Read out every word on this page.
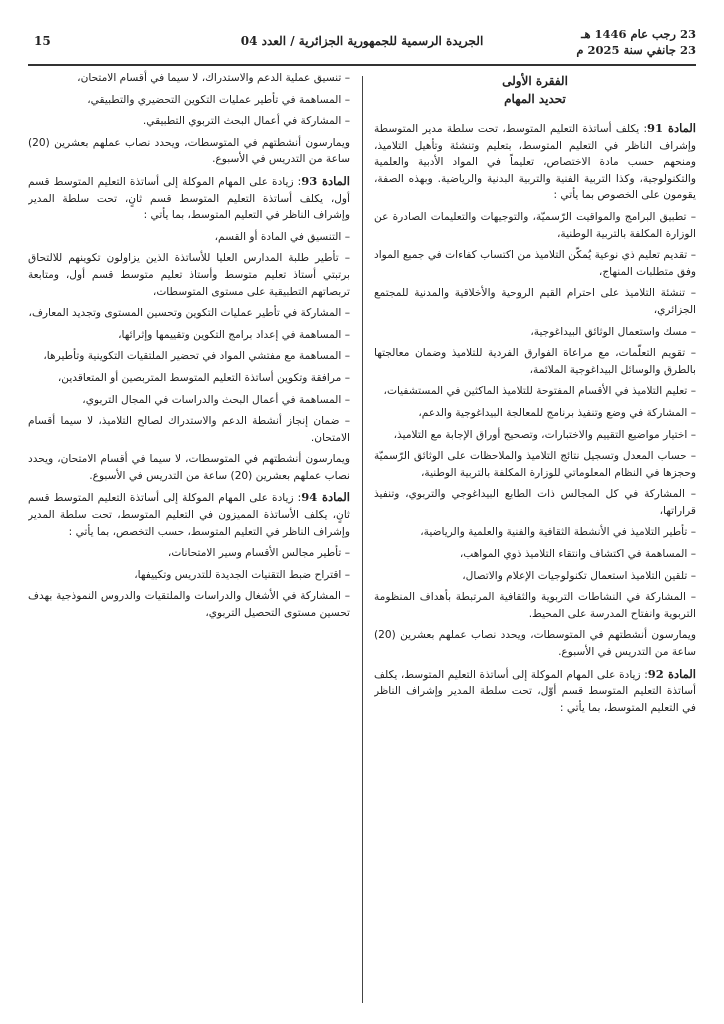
23 رجب عام 1446 هـ
23 جانفي سنة 2025 م
الجريدة الرسمية للجمهورية الجزائرية / العدد 04
15

الفقرة الأولى

تحديد المهام

المادة 91: يكلف أساتذة التعليم المتوسط، تحت سلطة مدير المتوسطة وإشراف الناظر في التعليم المتوسط، بتعليم وتنشئة وتأهيل التلاميذ، ومنحهم حسب مادة الاختصاص، تعليماً في المواد الأدبية والعلمية والتكنولوجية، وكذا التربية الفنية والتربية البدنية والرياضية. وبهذه الصفة، يقومون على الخصوص بما يأتي :

– تطبيق البرامج والمواقيت الرّسميّة، والتوجيهات والتعليمات الصادرة عن الوزارة المكلفة بالتربية الوطنية،

– تقديم تعليم ذي نوعية يُمكّن التلاميذ من اكتساب كفاءات في جميع المواد وفق متطلبات المنهاج،

– تنشئة التلاميذ على احترام القيم الروحية والأخلاقية والمدنية للمجتمع الجزائري،

– مسك واستعمال الوثائق البيداغوجية،

– تقويم التعلّمات، مع مراعاة الفوارق الفردية للتلاميذ وضمان معالجتها بالطرق والوسائل البيداغوجية الملائمة،

– تعليم التلاميذ في الأقسام المفتوحة للتلاميذ الماكثين في المستشفيات،

– المشاركة في وضع وتنفيذ برنامج للمعالجة البيداغوجية والدعم،

– اختيار مواضيع التقييم والاختبارات، وتصحيح أوراق الإجابة مع التلاميذ،

– حساب المعدل وتسجيل نتائج التلاميذ والملاحظات على الوثائق الرّسميّة وحجزها في النظام المعلوماتي للوزارة المكلفة بالتربية الوطنية،

– المشاركة في كل المجالس ذات الطابع البيداغوجي والتربوي، وتنفيذ قراراتها،

– تأطير التلاميذ في الأنشطة الثقافية والفنية والعلمية والرياضية،

– المساهمة في اكتشاف وانتقاء التلاميذ ذوي المواهب،

– تلقين التلاميذ استعمال تكنولوجيات الإعلام والاتصال،

– المشاركة في النشاطات التربوية والثقافية المرتبطة بأهداف المنظومة التربوية وانفتاح المدرسة على المحيط.

ويمارسون أنشطتهم في المتوسطات، ويحدد نصاب عملهم بعشرين (20) ساعة من التدريس في الأسبوع.

المادة 92: زيادة على المهام الموكلة إلى أساتذة التعليم المتوسط، يكلف أساتذة التعليم المتوسط قسم أوّل، تحت سلطة المدير وإشراف الناظر في التعليم المتوسط، بما يأتي :

– تنسيق عملية الدعم والاستدراك، لا سيما في أقسام الامتحان،

– المساهمة في تأطير عمليات التكوين التحضيري والتطبيقي،

– المشاركة في أعمال البحث التربوي التطبيقي.

ويمارسون أنشطتهم في المتوسطات، ويحدد نصاب عملهم بعشرين (20) ساعة من التدريس في الأسبوع.

المادة 93: زيادة على المهام الموكلة إلى أساتذة التعليم المتوسط قسم أول، يكلف أساتذة التعليم المتوسط قسم ثانٍ، تحت سلطة المدير وإشراف الناظر في التعليم المتوسط، بما يأتي :

– التنسيق في المادة أو القسم،

– تأطير طلبة المدارس العليا للأساتذة الذين يزاولون تكوينهم للالتحاق برتبتي أستاذ تعليم متوسط وأستاذ تعليم متوسط قسم أول، ومتابعة تربصاتهم التطبيقية على مستوى المتوسطات،

– المشاركة في تأطير عمليات التكوين وتحسين المستوى وتجديد المعارف،

– المساهمة في إعداد برامج التكوين وتقييمها وإثرائها،

– المساهمة مع مفتشي المواد في تحضير الملتقيات التكوينية وتأطيرها،

– مرافقة وتكوين أساتذة التعليم المتوسط المتربصين أو المتعاقدين،

– المساهمة في أعمال البحث والدراسات في المجال التربوي،

– ضمان إنجاز أنشطة الدعم والاستدراك لصالح التلاميذ، لا سيما أقسام الامتحان.

ويمارسون أنشطتهم في المتوسطات، لا سيما في أقسام الامتحان، ويحدد نصاب عملهم بعشرين (20) ساعة من التدريس في الأسبوع.

المادة 94: زيادة على المهام الموكلة إلى أساتذة التعليم المتوسط قسم ثانٍ، يكلف الأساتذة المميزون في التعليم المتوسط، تحت سلطة المدير وإشراف الناظر في التعليم المتوسط، حسب التخصص، بما يأتي :

– تأطير مجالس الأقسام وسير الامتحانات،

– اقتراح ضبط التقنيات الجديدة للتدريس وتكييفها،

– المشاركة في الأشغال والدراسات والملتقيات والدروس النموذجية بهدف تحسين مستوى التحصيل التربوي،
